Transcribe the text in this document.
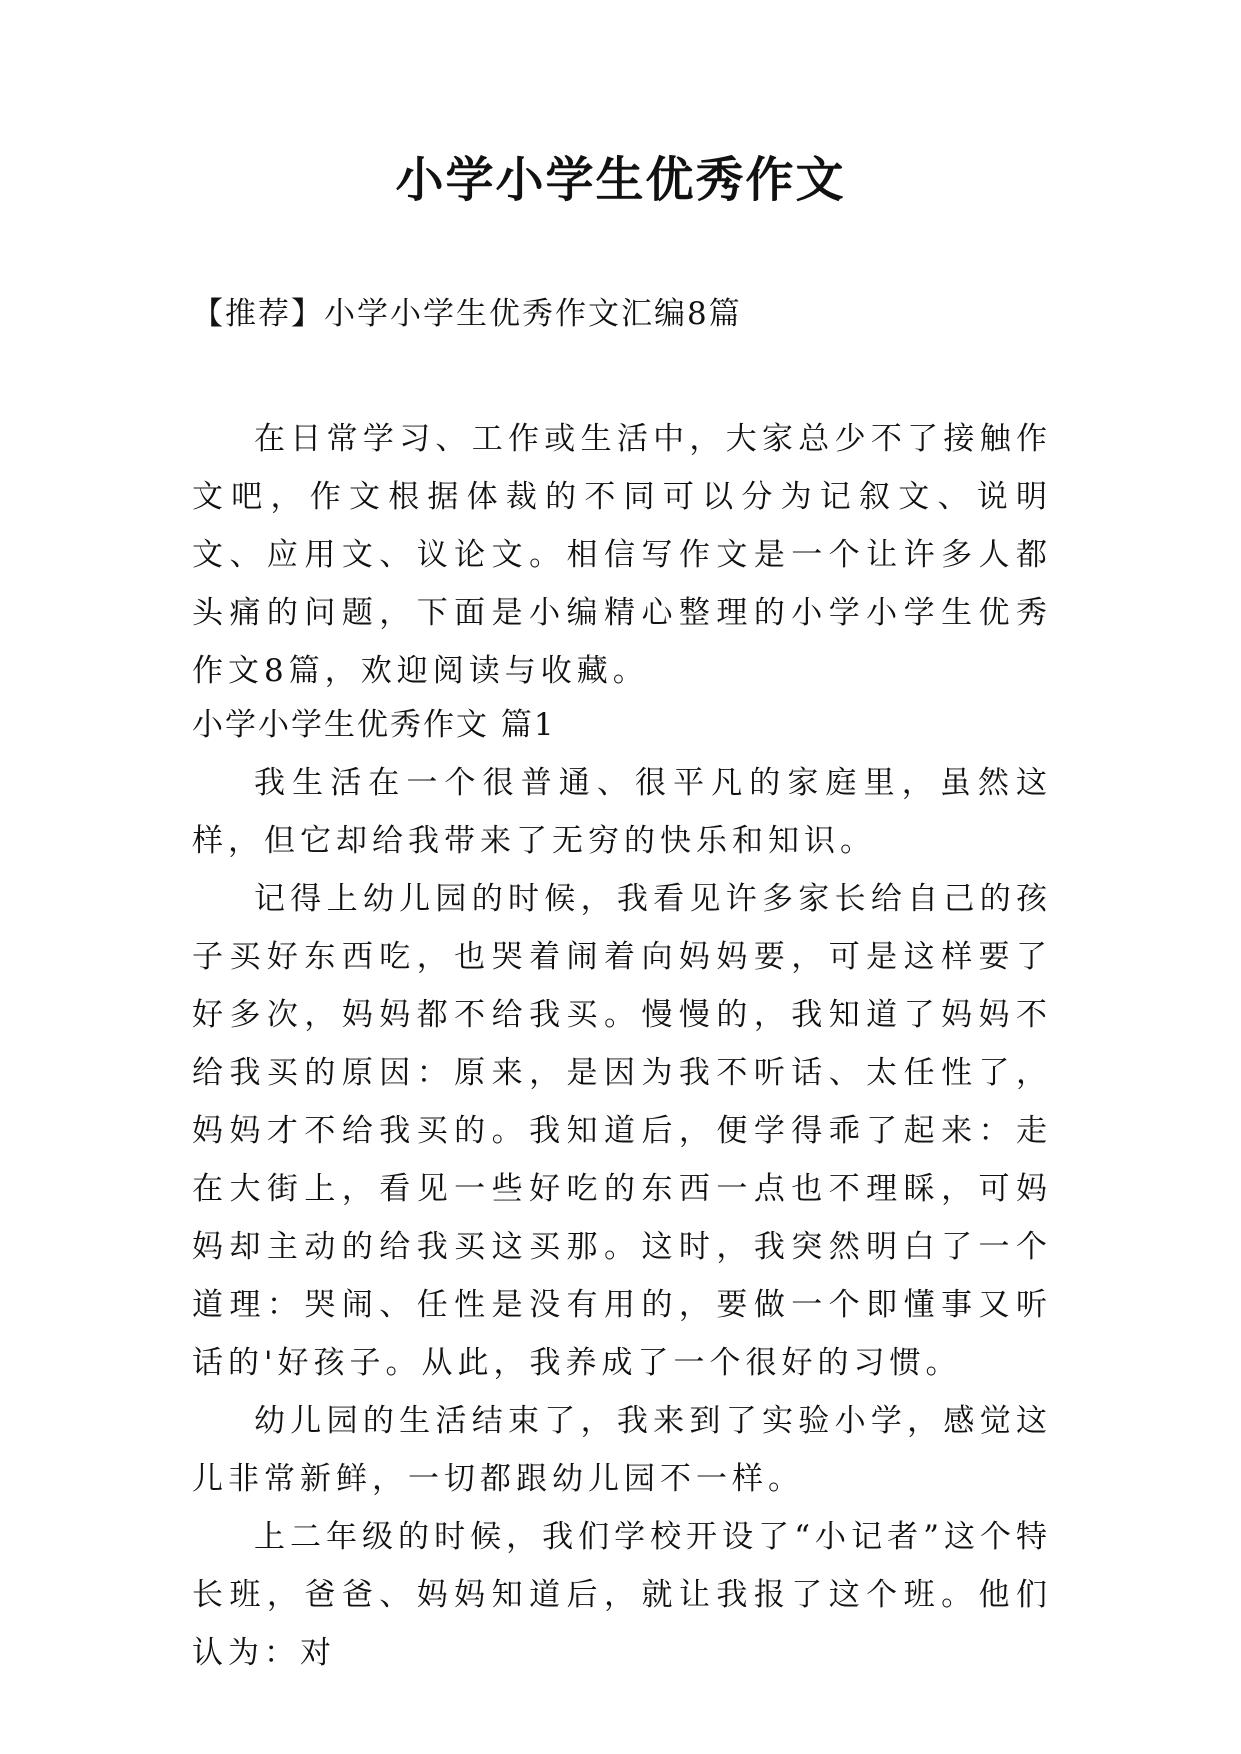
小学小学生优秀作文
【推荐】小学小学生优秀作文汇编8篇

在日常学习、工作或生活中，大家总少不了接触作文吧，作文根据体裁的不同可以分为记叙文、说明文、应用文、议论文。相信写作文是一个让许多人都头痛的问题，下面是小编精心整理的小学小学生优秀作文8篇，欢迎阅读与收藏。

小学小学生优秀作文 篇1

我生活在一个很普通、很平凡的家庭里，虽然这样，但它却给我带来了无穷的快乐和知识。

记得上幼儿园的时候，我看见许多家长给自己的孩子买好东西吃，也哭着闹着向妈妈要，可是这样要了好多次，妈妈都不给我买。慢慢的，我知道了妈妈不给我买的原因：原来，是因为我不听话、太任性了，妈妈才不给我买的。我知道后，便学得乖了起来：走在大街上，看见一些好吃的东西一点也不理睬，可妈妈却主动的给我买这买那。这时，我突然明白了一个道理：哭闹、任性是没有用的，要做一个即懂事又听话的'好孩子。从此，我养成了一个很好的习惯。

幼儿园的生活结束了，我来到了实验小学，感觉这儿非常新鲜，一切都跟幼儿园不一样。

上二年级的时候，我们学校开设了“小记者”这个特长班，爸爸、妈妈知道后，就让我报了这个班。他们认为：对
